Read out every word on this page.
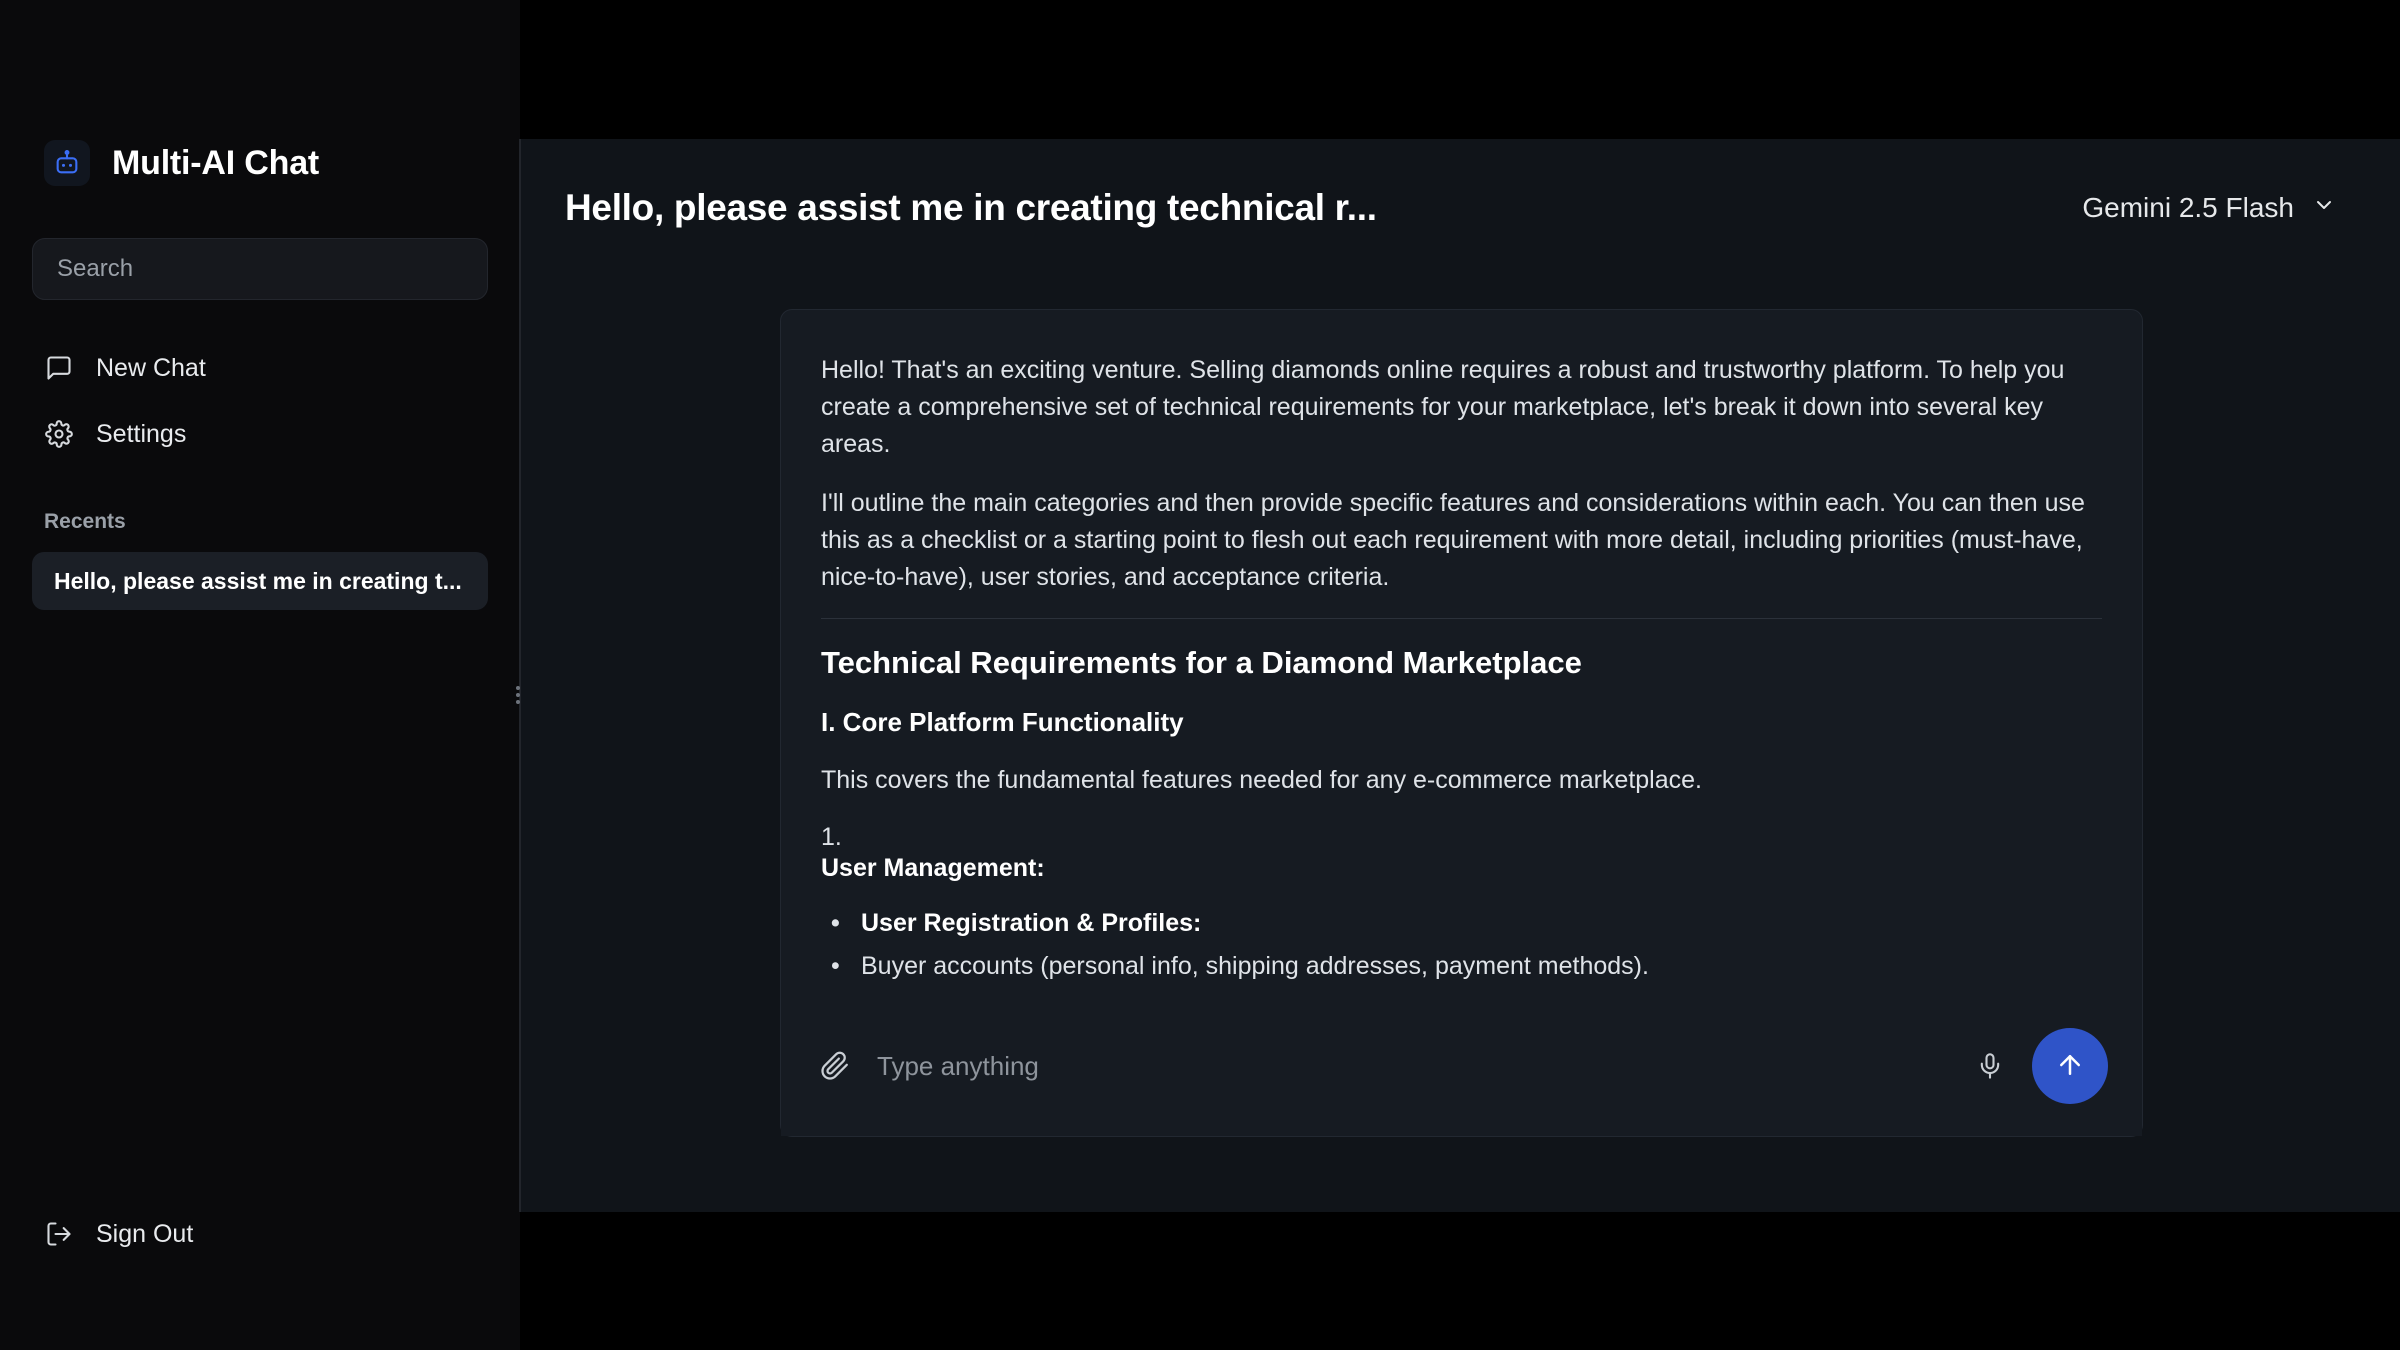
Multi-AI Chat
Search
New Chat
Settings
Recents
Hello, please assist me in creating t...
Sign Out
Hello, please assist me in creating technical r...	Gemini 2.5 Flash

Hello! That's an exciting venture. Selling diamonds online requires a robust and trustworthy platform. To help you create a comprehensive set of technical requirements for your marketplace, let's break it down into several key areas.

I'll outline the main categories and then provide specific features and considerations within each. You can then use this as a checklist or a starting point to flesh out each requirement with more detail, including priorities (must-have, nice-to-have), user stories, and acceptance criteria.

Technical Requirements for a Diamond Marketplace
I. Core Platform Functionality

This covers the fundamental features needed for any e-commerce marketplace.

1.
User Management:
• User Registration & Profiles:
• Buyer accounts (personal info, shipping addresses, payment methods).
•
Type anything
